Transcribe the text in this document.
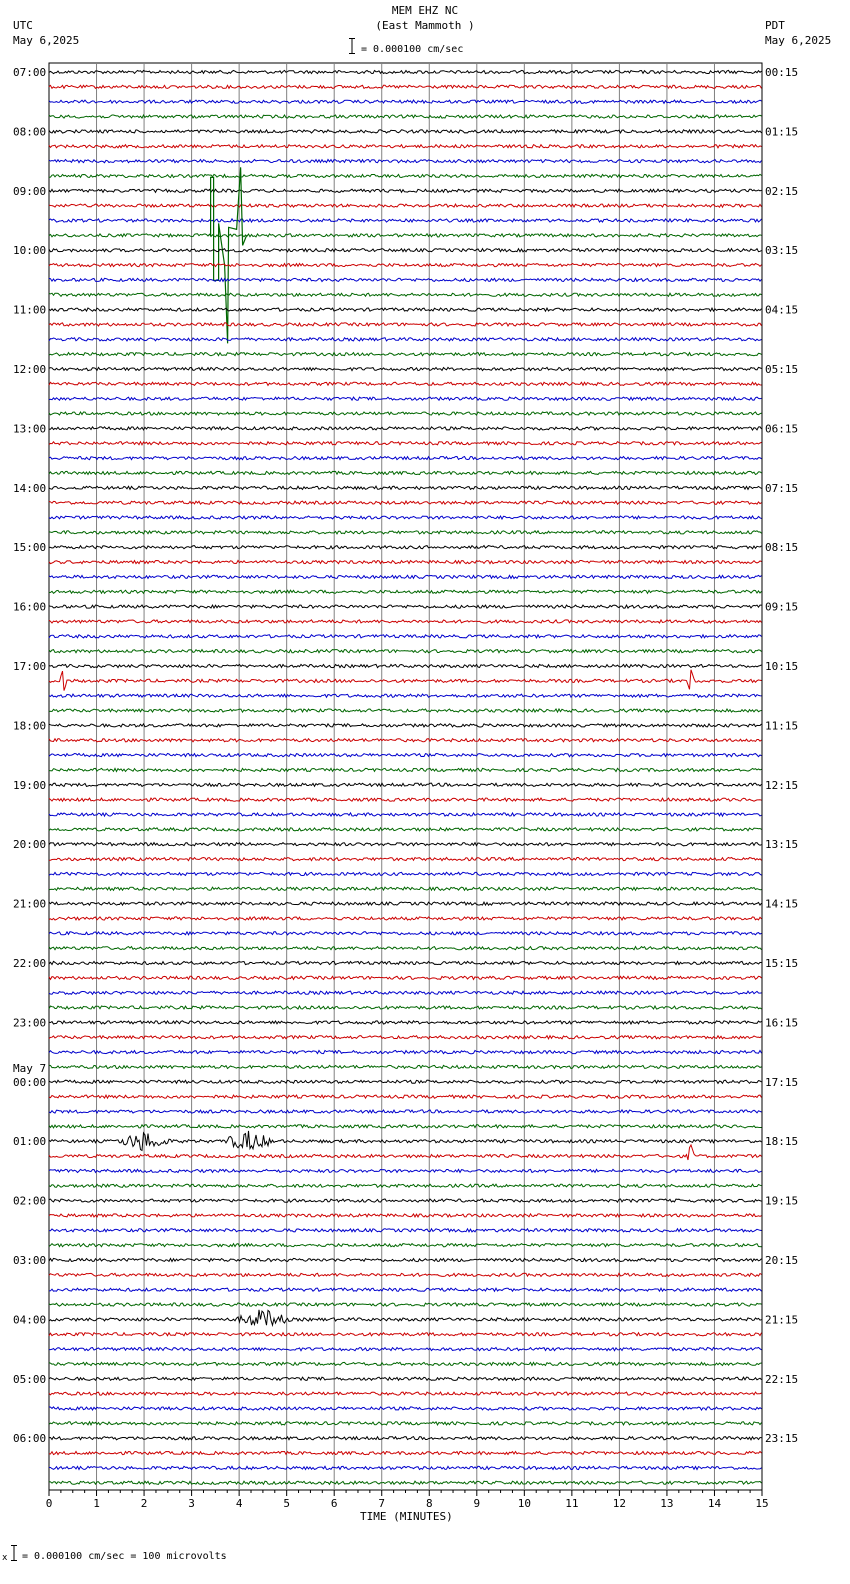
MEM EHZ NC
(East Mammoth )
= 0.000100 cm/sec
UTC
May 6,2025
PDT
May 6,2025
0	1	2	3	4	5	6	7	8	9	10	11	12	13	14	15
07:00	00:15
08:00	01:15
09:00	02:15
10:00	03:15
11:00	04:15
12:00	05:15
13:00	06:15
14:00	07:15
15:00	08:15
16:00	09:15
17:00	10:15
18:00	11:15
19:00	12:15
20:00	13:15
21:00	14:15
22:00	15:15
23:00	16:15
00:00	17:15
01:00	18:15
02:00	19:15
03:00	20:15
04:00	21:15
05:00	22:15
06:00	23:15
May 7
TIME (MINUTES)
x = 0.000100 cm/sec = 100 microvolts
